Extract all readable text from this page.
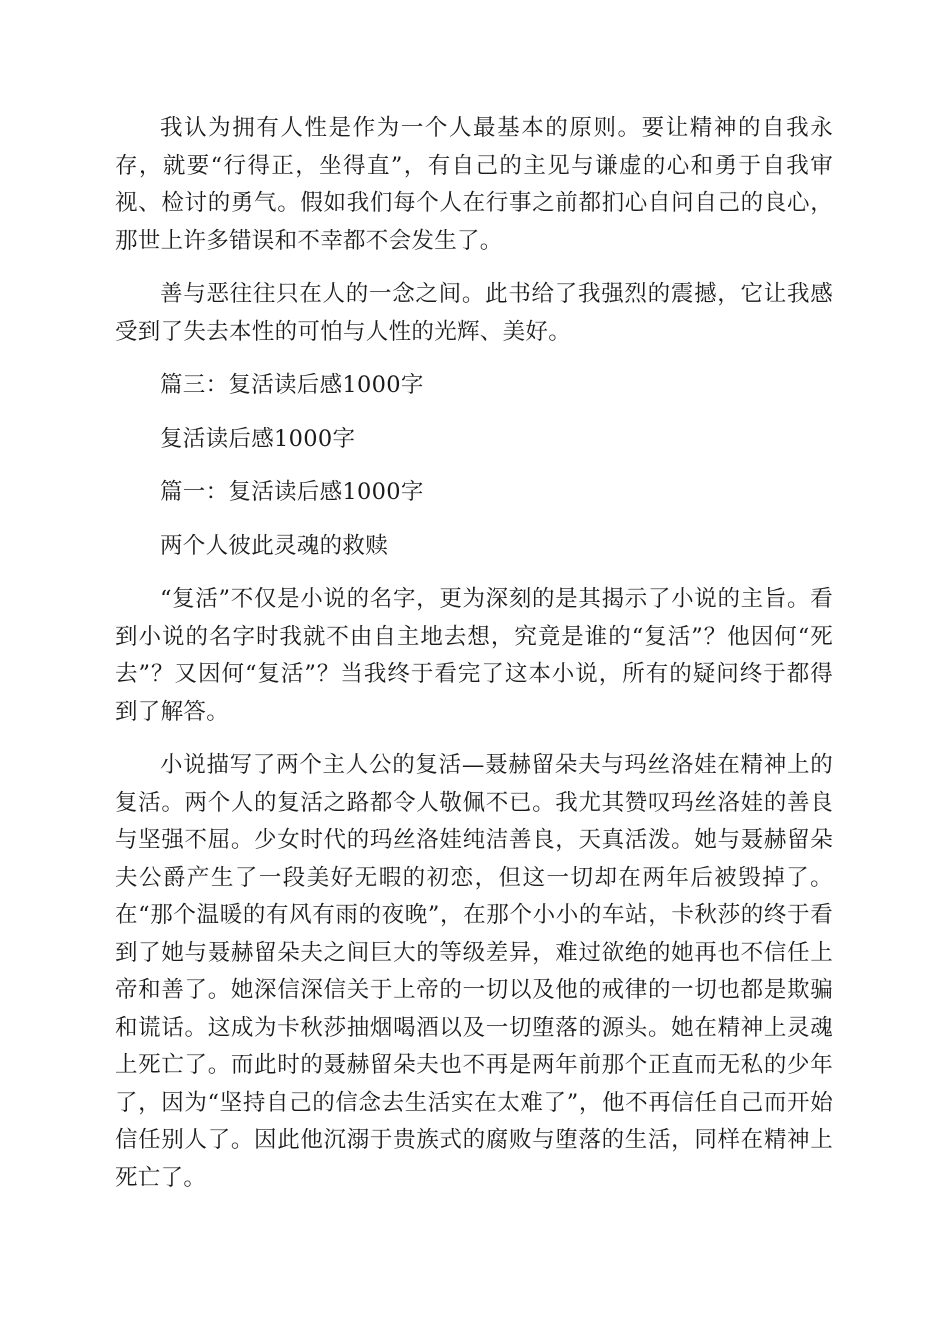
我认为拥有人性是作为一个人最基本的原则。要让精神的自我永存，就要“行得正，坐得直”，有自己的主见与谦虚的心和勇于自我审视、检讨的勇气。假如我们每个人在行事之前都扪心自问自己的良心，那世上许多错误和不幸都不会发生了。

善与恶往往只在人的一念之间。此书给了我强烈的震撼，它让我感受到了失去本性的可怕与人性的光辉、美好。

篇三：复活读后感1000字

复活读后感1000字

篇一：复活读后感1000字

两个人彼此灵魂的救赎

“复活”不仅是小说的名字，更为深刻的是其揭示了小说的主旨。看到小说的名字时我就不由自主地去想，究竟是谁的“复活”？他因何“死去”？又因何“复活”？当我终于看完了这本小说，所有的疑问终于都得到了解答。

小说描写了两个主人公的复活—聂赫留朵夫与玛丝洛娃在精神上的复活。两个人的复活之路都令人敬佩不已。我尤其赞叹玛丝洛娃的善良与坚强不屈。少女时代的玛丝洛娃纯洁善良，天真活泼。她与聂赫留朵夫公爵产生了一段美好无暇的初恋，但这一切却在两年后被毁掉了。在“那个温暖的有风有雨的夜晚”，在那个小小的车站，卡秋莎的终于看到了她与聂赫留朵夫之间巨大的等级差异，难过欲绝的她再也不信任上帝和善了。她深信深信关于上帝的一切以及他的戒律的一切也都是欺骗和谎话。这成为卡秋莎抽烟喝酒以及一切堕落的源头。她在精神上灵魂上死亡了。而此时的聂赫留朵夫也不再是两年前那个正直而无私的少年了，因为“坚持自己的信念去生活实在太难了”，他不再信任自己而开始信任别人了。因此他沉溺于贵族式的腐败与堕落的生活，同样在精神上死亡了。
